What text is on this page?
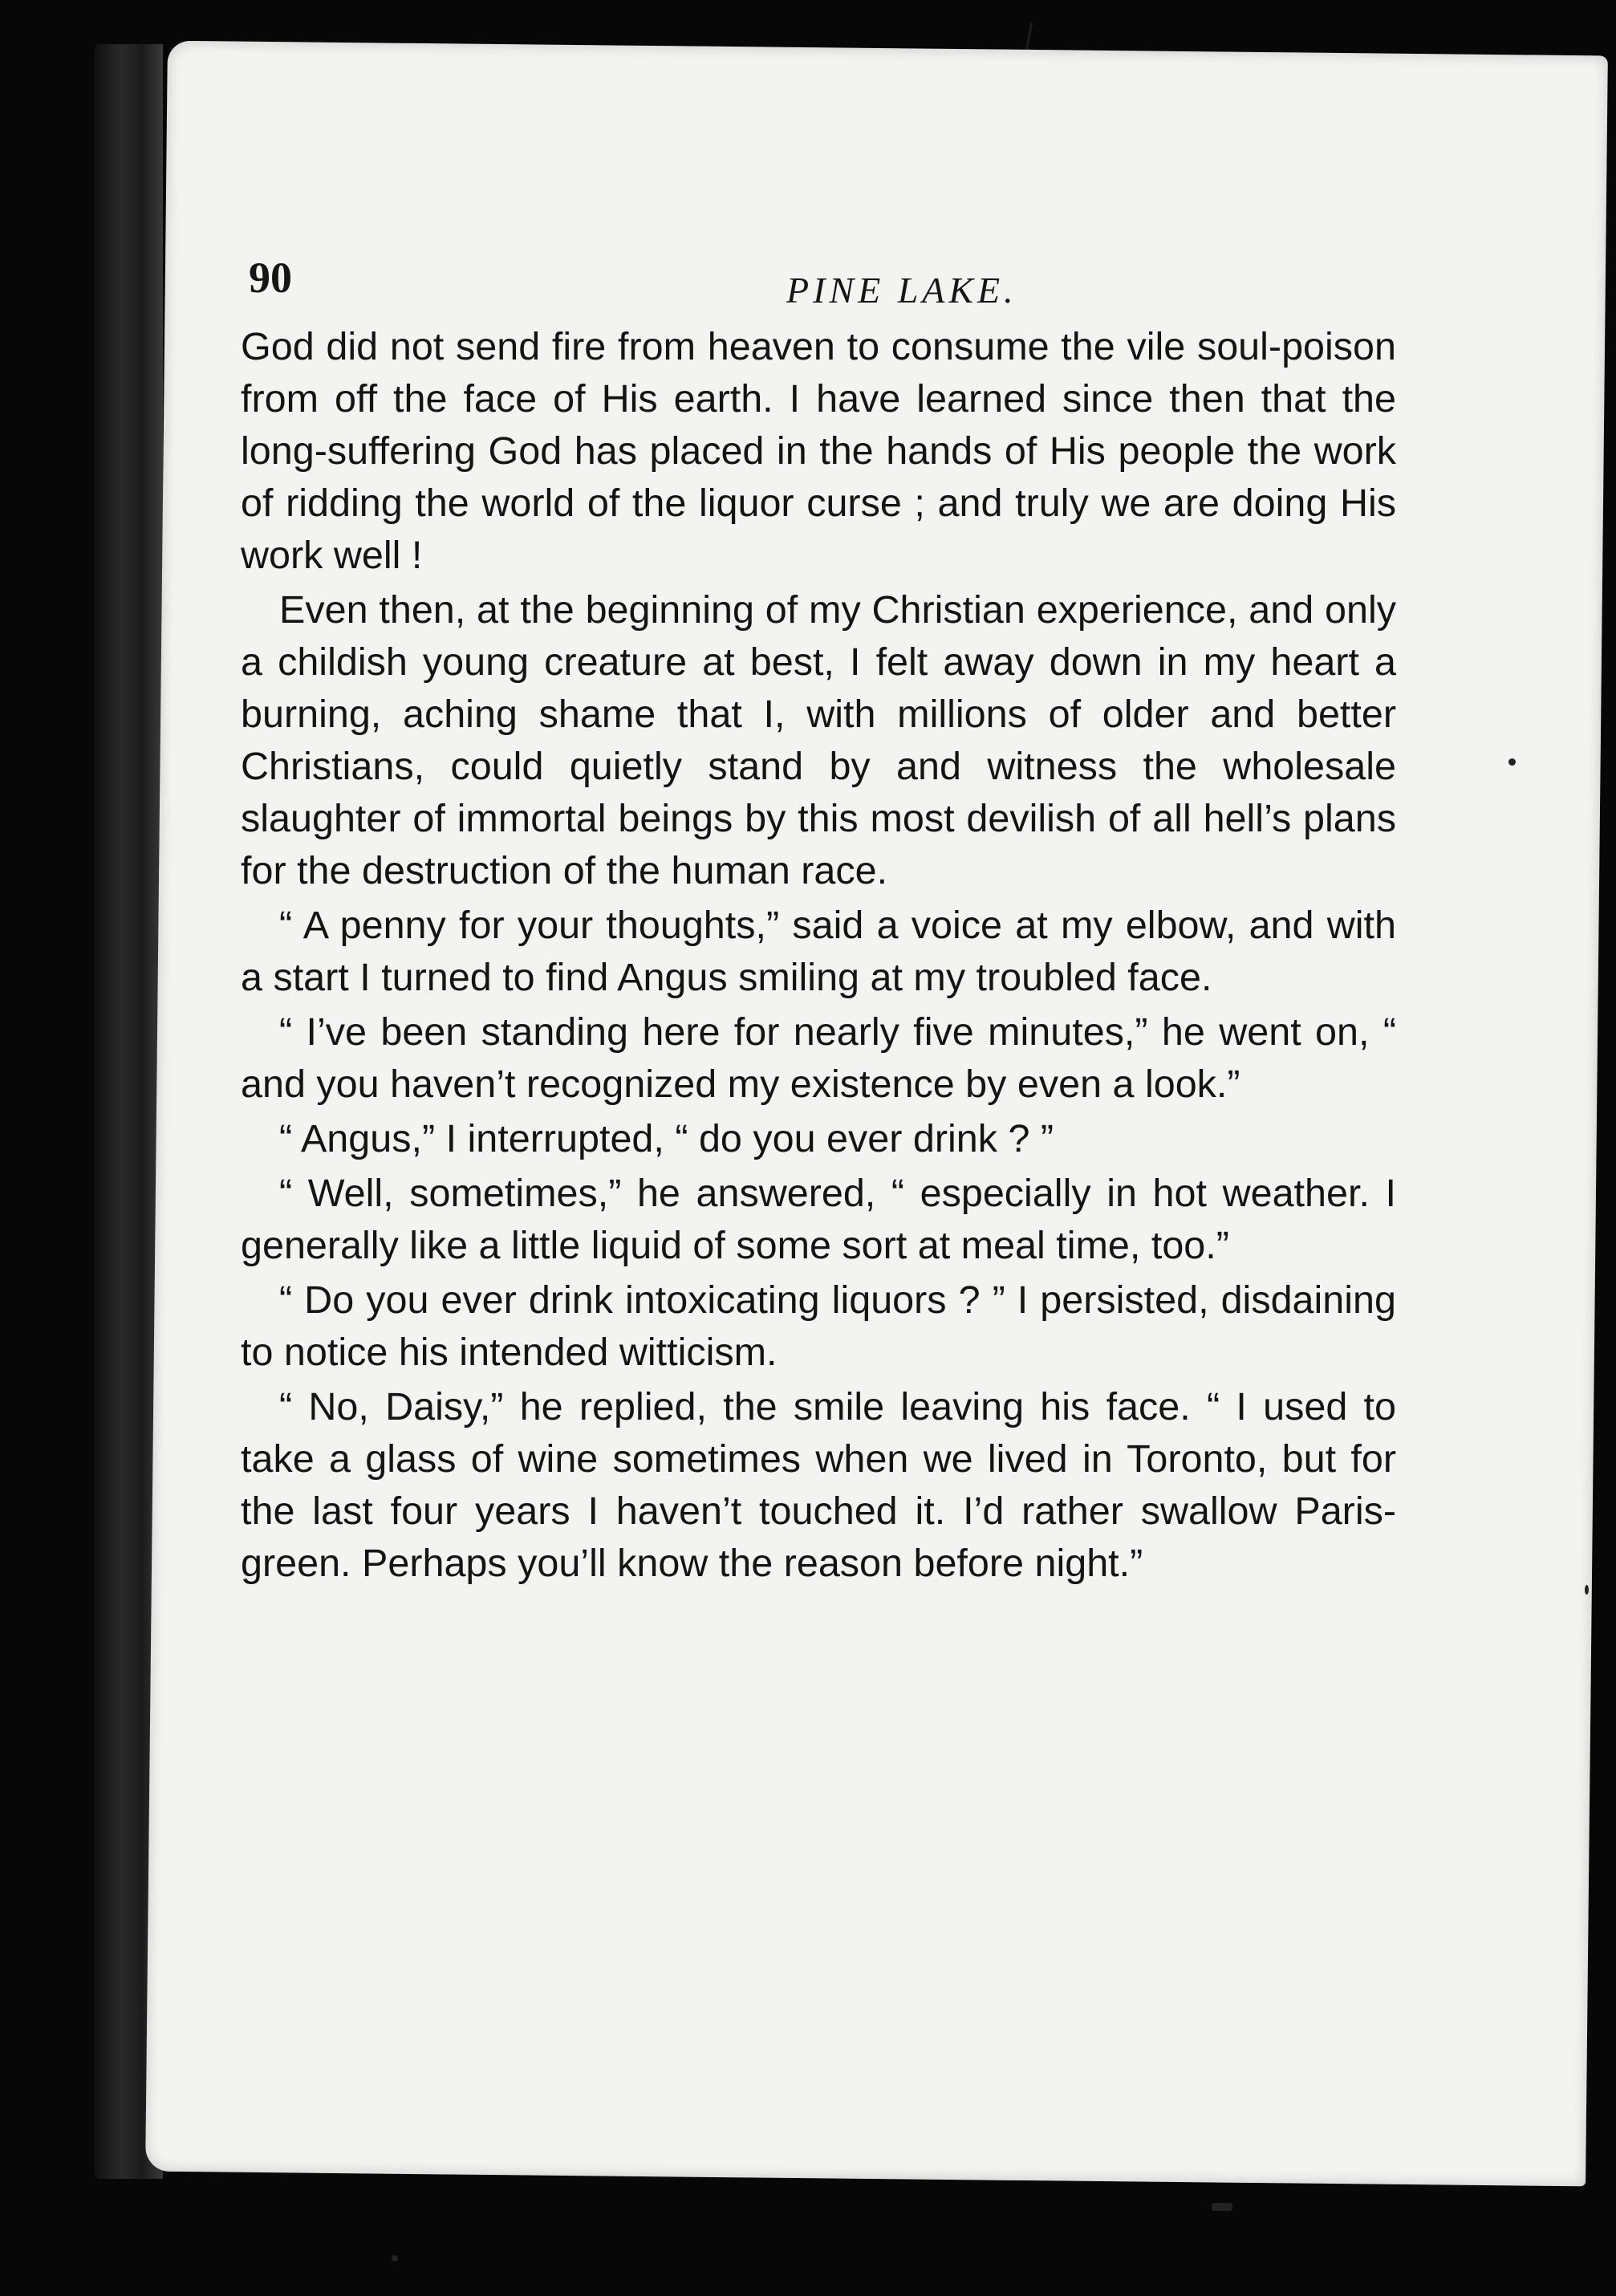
90	PINE LAKE.

God did not send fire from heaven to consume the vile soul-poison from off the face of His earth. I have learned since then that the long-suffering God has placed in the hands of His people the work of ridding the world of the liquor curse ; and truly we are doing His work well !

Even then, at the beginning of my Christian experience, and only a childish young creature at best, I felt away down in my heart a burning, aching shame that I, with millions of older and better Christians, could quietly stand by and witness the wholesale slaughter of immortal beings by this most devilish of all hell’s plans for the destruction of the human race.

“ A penny for your thoughts,” said a voice at my elbow, and with a start I turned to find Angus smiling at my troubled face.

“ I’ve been standing here for nearly five minutes,” he went on, “ and you haven’t recognized my existence by even a look.”

“ Angus,” I interrupted, “ do you ever drink ? ”

“ Well, sometimes,” he answered, “ especially in hot weather. I generally like a little liquid of some sort at meal time, too.”

“ Do you ever drink intoxicating liquors ? ” I persisted, disdaining to notice his intended witticism.

“ No, Daisy,” he replied, the smile leaving his face. “ I used to take a glass of wine sometimes when we lived in Toronto, but for the last four years I haven’t touched it. I’d rather swallow Paris-green. Perhaps you’ll know the reason before night.”
